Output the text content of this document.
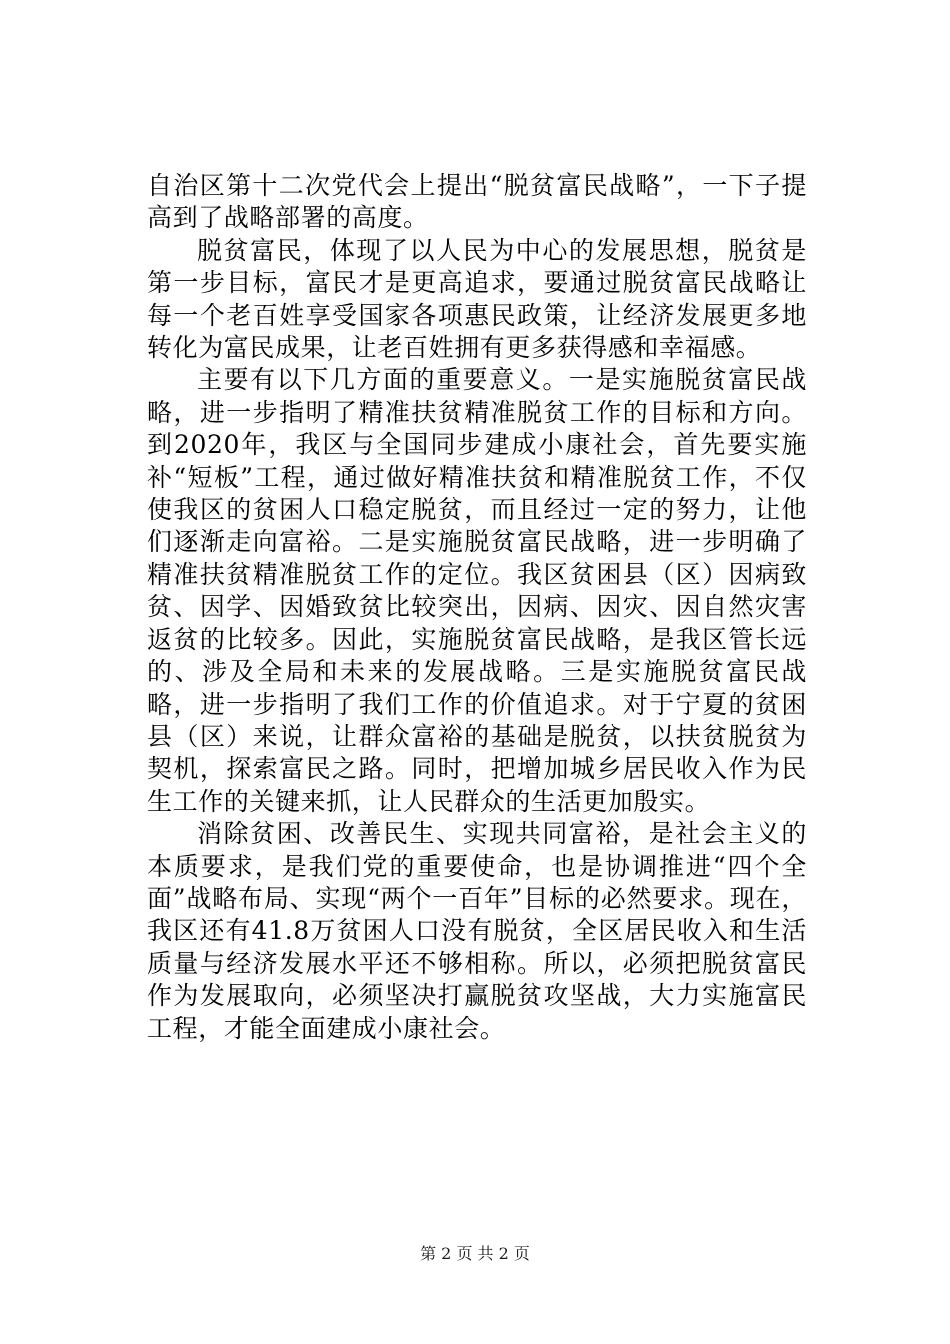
自治区第十二次党代会上提出“脱贫富民战略”，一下子提高到了战略部署的高度。

脱贫富民，体现了以人民为中心的发展思想，脱贫是第一步目标，富民才是更高追求，要通过脱贫富民战略让每一个老百姓享受国家各项惠民政策，让经济发展更多地转化为富民成果，让老百姓拥有更多获得感和幸福感。

主要有以下几方面的重要意义。一是实施脱贫富民战略，进一步指明了精准扶贫精准脱贫工作的目标和方向。到2020年，我区与全国同步建成小康社会，首先要实施补“短板”工程，通过做好精准扶贫和精准脱贫工作，不仅使我区的贫困人口稳定脱贫，而且经过一定的努力，让他们逐渐走向富裕。二是实施脱贫富民战略，进一步明确了精准扶贫精准脱贫工作的定位。我区贫困县（区）因病致贫、因学、因婚致贫比较突出，因病、因灾、因自然灾害返贫的比较多。因此，实施脱贫富民战略，是我区管长远的、涉及全局和未来的发展战略。三是实施脱贫富民战略，进一步指明了我们工作的价值追求。对于宁夏的贫困县（区）来说，让群众富裕的基础是脱贫，以扶贫脱贫为契机，探索富民之路。同时，把增加城乡居民收入作为民生工作的关键来抓，让人民群众的生活更加殷实。

消除贫困、改善民生、实现共同富裕，是社会主义的本质要求，是我们党的重要使命，也是协调推进“四个全面”战略布局、实现“两个一百年”目标的必然要求。现在，我区还有41.8万贫困人口没有脱贫，全区居民收入和生活质量与经济发展水平还不够相称。所以，必须把脱贫富民作为发展取向，必须坚决打赢脱贫攻坚战，大力实施富民工程，才能全面建成小康社会。

第 2 页 共 2 页
